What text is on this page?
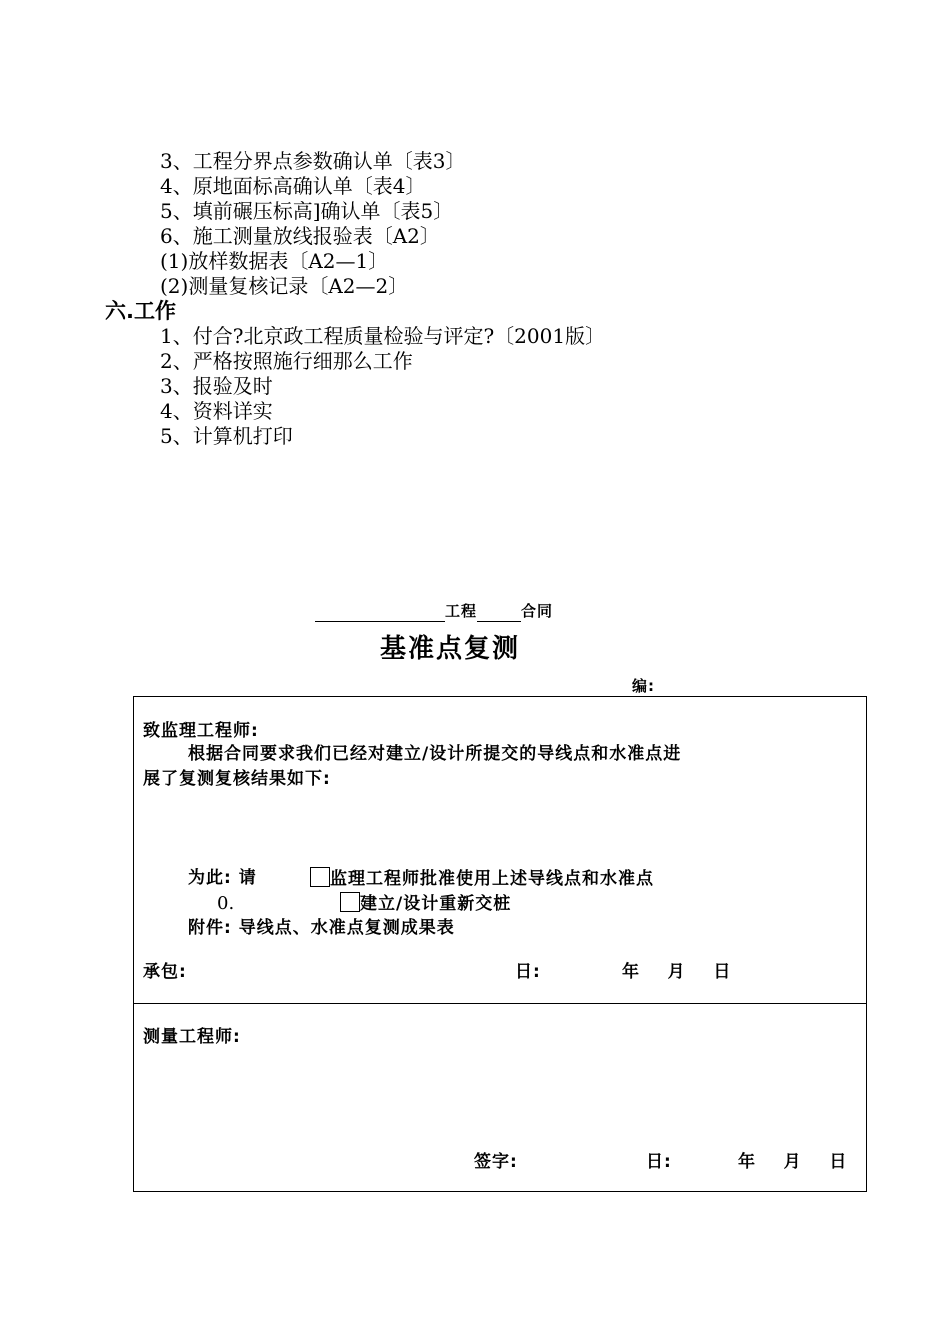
3、工程分界点参数确认单〔表3〕
4、原地面标高确认单〔表4〕
5、填前碾压标高]确认单〔表5〕
6、施工测量放线报验表〔A2〕
(1)放样数据表〔A2—1〕
(2)测量复核记录〔A2—2〕
六.工作
1、付合?北京政工程质量检验与评定?〔2001版〕
2、严格按照施行细那么工作
3、报验及时
4、资料详实
5、计算机打印
工程	合同
基准点复测
编:
致监理工程师:
根据合同要求我们已经对建立/设计所提交的导线点和水准点进
展了复测复核结果如下:
为此: 请	监理工程师批准使用上述导线点和水准点
0.	建立/设计重新交桩
附件: 导线点、水准点复测成果表
承包:	日:	年    月    日
测量工程师:
签字:	日:	年    月    日
